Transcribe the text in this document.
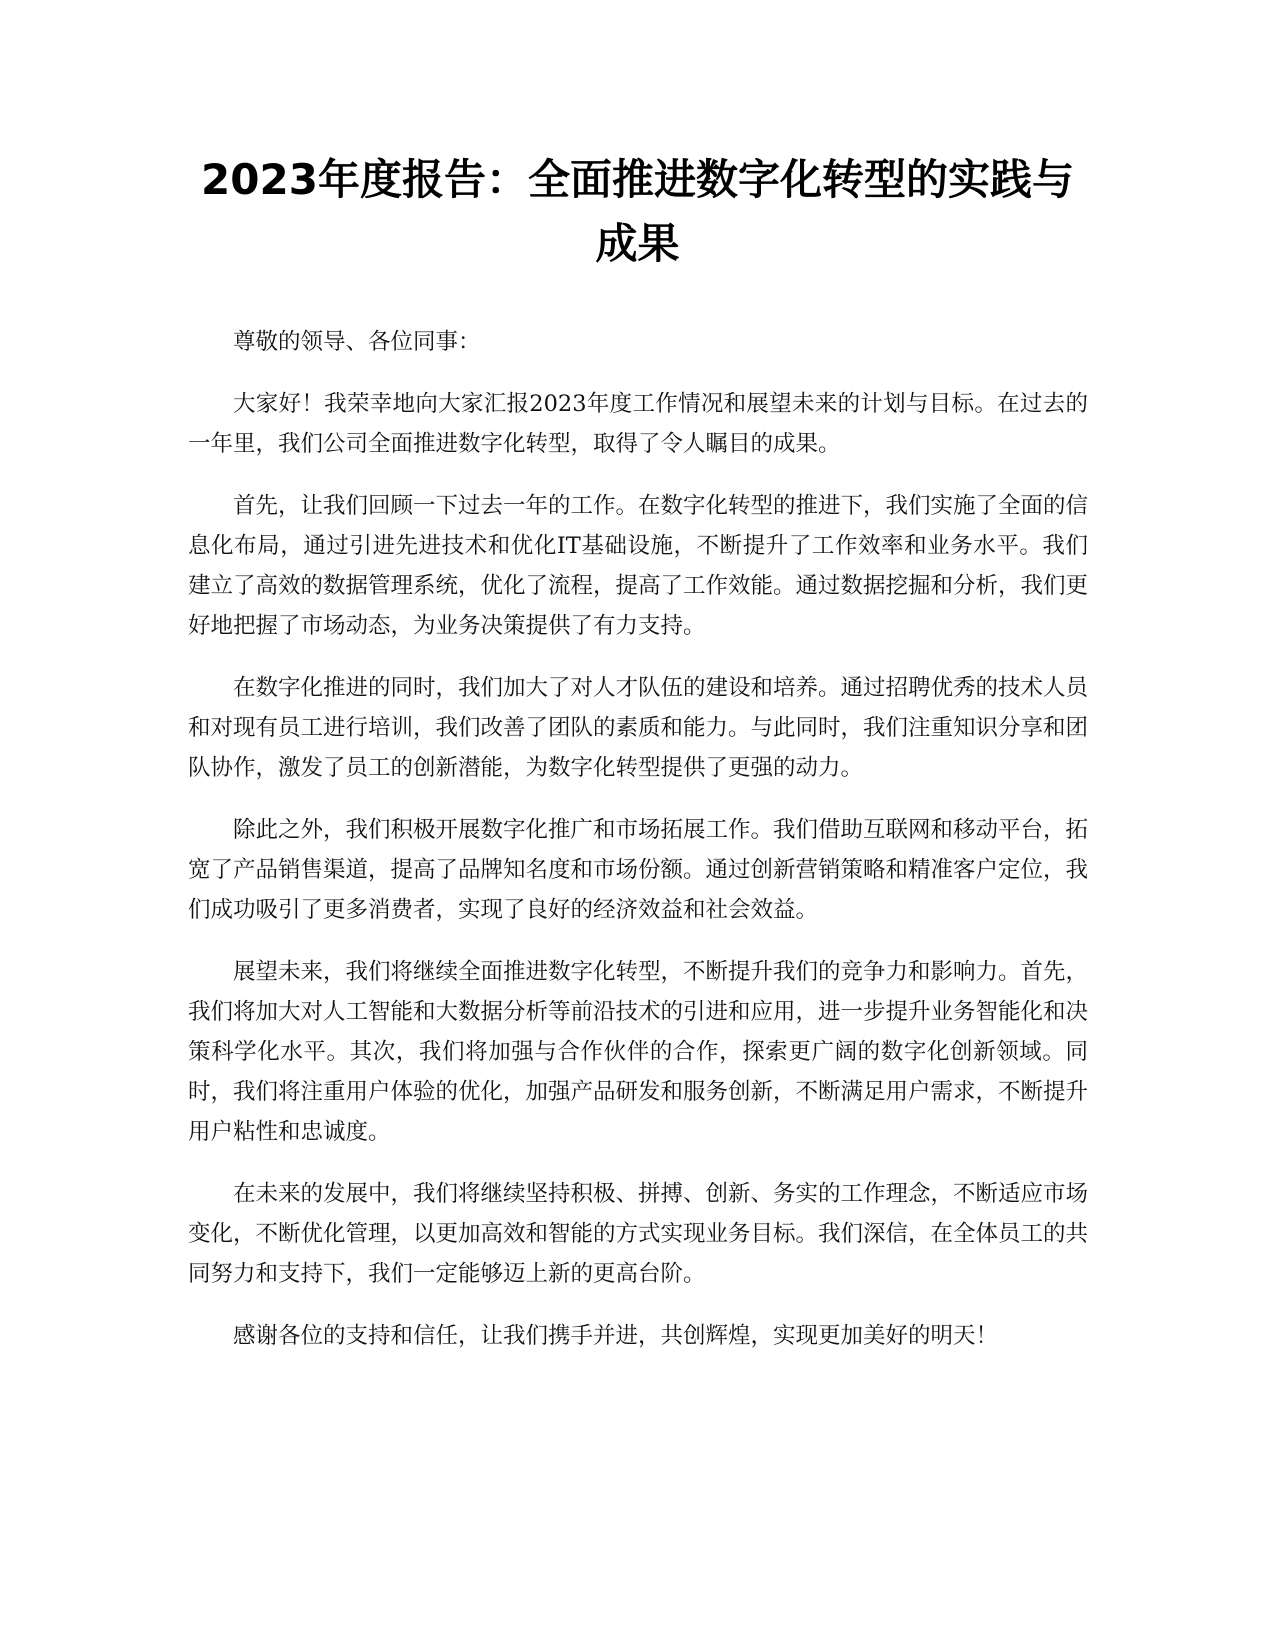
2023年度报告：全面推进数字化转型的实践与成果

尊敬的领导、各位同事：

大家好！我荣幸地向大家汇报2023年度工作情况和展望未来的计划与目标。在过去的一年里，我们公司全面推进数字化转型，取得了令人瞩目的成果。

首先，让我们回顾一下过去一年的工作。在数字化转型的推进下，我们实施了全面的信息化布局，通过引进先进技术和优化IT基础设施，不断提升了工作效率和业务水平。我们建立了高效的数据管理系统，优化了流程，提高了工作效能。通过数据挖掘和分析，我们更好地把握了市场动态，为业务决策提供了有力支持。

在数字化推进的同时，我们加大了对人才队伍的建设和培养。通过招聘优秀的技术人员和对现有员工进行培训，我们改善了团队的素质和能力。与此同时，我们注重知识分享和团队协作，激发了员工的创新潜能，为数字化转型提供了更强的动力。

除此之外，我们积极开展数字化推广和市场拓展工作。我们借助互联网和移动平台，拓宽了产品销售渠道，提高了品牌知名度和市场份额。通过创新营销策略和精准客户定位，我们成功吸引了更多消费者，实现了良好的经济效益和社会效益。

展望未来，我们将继续全面推进数字化转型，不断提升我们的竞争力和影响力。首先，我们将加大对人工智能和大数据分析等前沿技术的引进和应用，进一步提升业务智能化和决策科学化水平。其次，我们将加强与合作伙伴的合作，探索更广阔的数字化创新领域。同时，我们将注重用户体验的优化，加强产品研发和服务创新，不断满足用户需求，不断提升用户粘性和忠诚度。

在未来的发展中，我们将继续坚持积极、拼搏、创新、务实的工作理念，不断适应市场变化，不断优化管理，以更加高效和智能的方式实现业务目标。我们深信，在全体员工的共同努力和支持下，我们一定能够迈上新的更高台阶。

感谢各位的支持和信任，让我们携手并进，共创辉煌，实现更加美好的明天！
